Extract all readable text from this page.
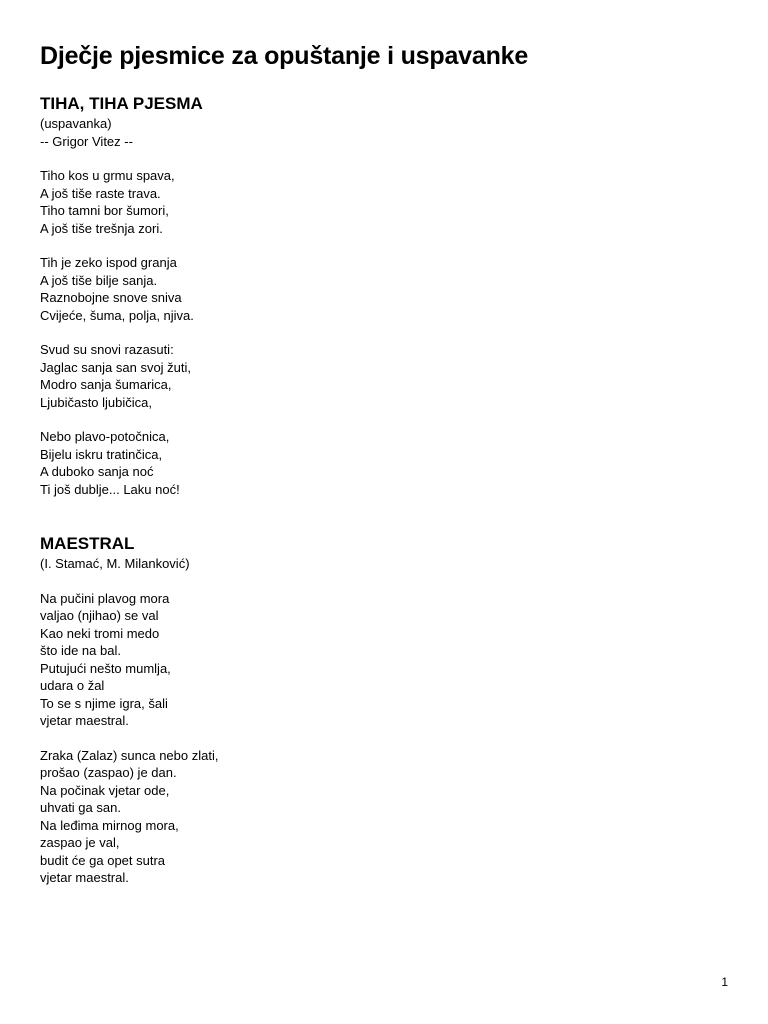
Dječje pjesmice za opuštanje i uspavanke
TIHA, TIHA PJESMA
(uspavanka)
-- Grigor Vitez --
Tiho kos u grmu spava,
A još tiše raste trava.
Tiho tamni bor šumori,
A još tiše trešnja zori.
Tih je zeko ispod granja
A još tiše bilje sanja.
Raznobojne snove sniva
Cvijeće, šuma, polja, njiva.
Svud su snovi razasuti:
Jaglac sanja san svoj žuti,
Modro sanja šumarica,
Ljubičasto ljubičica,
Nebo plavo-potočnica,
Bijelu iskru tratinčica,
A duboko sanja noć
Ti još dublje... Laku noć!
MAESTRAL
(I. Stamać, M. Milanković)
Na pučini plavog mora
valjao (njihao) se val
Kao neki tromi medo
što ide na bal.
Putujući nešto mumlja,
udara o žal
To se s njime igra, šali
vjetar maestral.
Zraka (Zalaz) sunca nebo zlati,
prošao (zaspao) je dan.
Na počinak vjetar ode,
uhvati ga san.
Na leđima mirnog mora,
zaspao je val,
budit će ga opet sutra
vjetar maestral.
1
